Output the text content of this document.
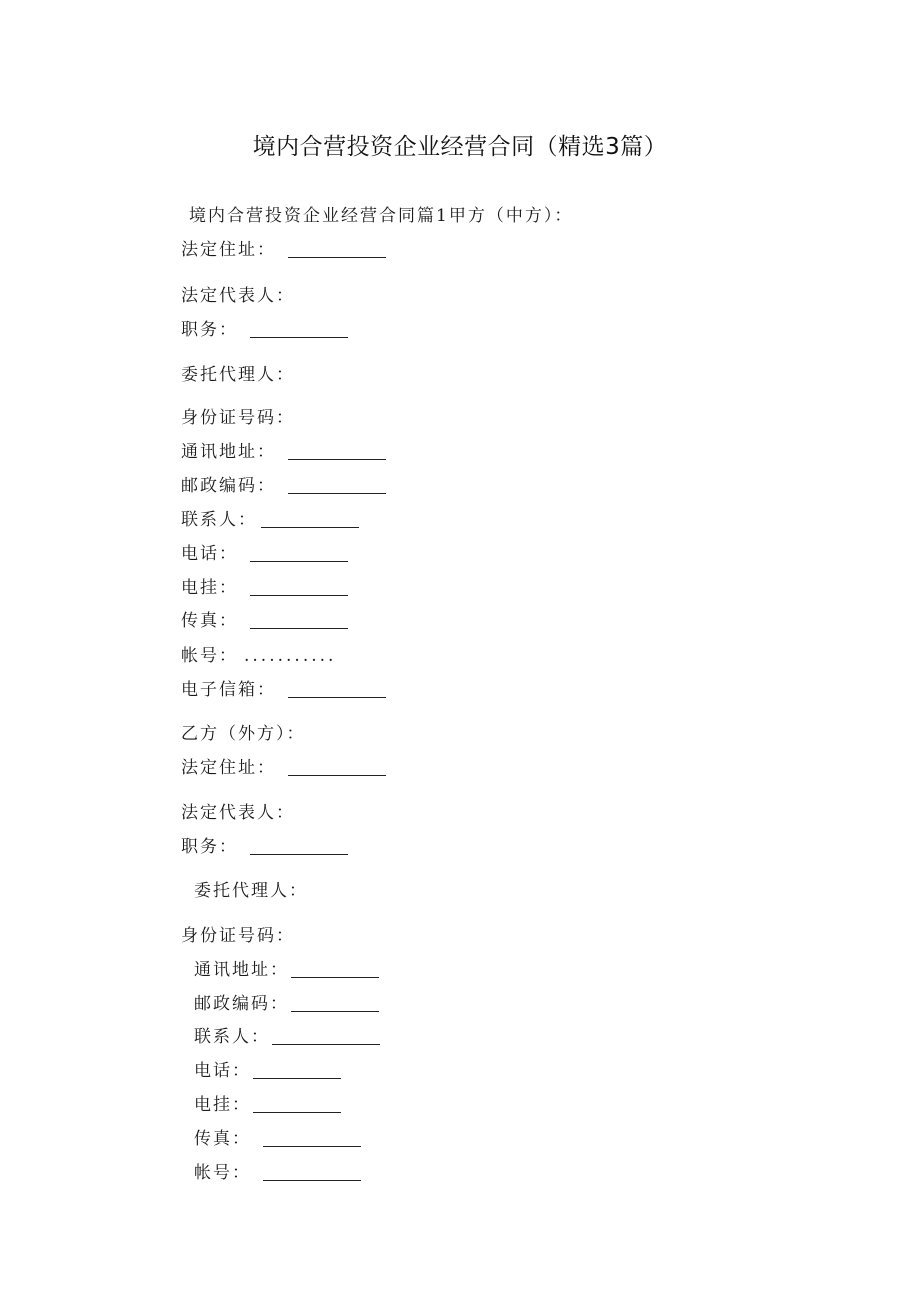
境内合营投资企业经营合同（精选3篇）
境内合营投资企业经营合同篇1甲方（中方）：
法定住址：
法定代表人：
职务：
委托代理人：
身份证号码：
通讯地址：
邮政编码：
联系人：
电话：
电挂：
传真：
帐号： ...........
电子信箱：
乙方（外方）：
法定住址：
法定代表人：
职务：
委托代理人：
身份证号码：
通讯地址：
邮政编码：
联系人：
电话：
电挂：
传真：
帐号：
